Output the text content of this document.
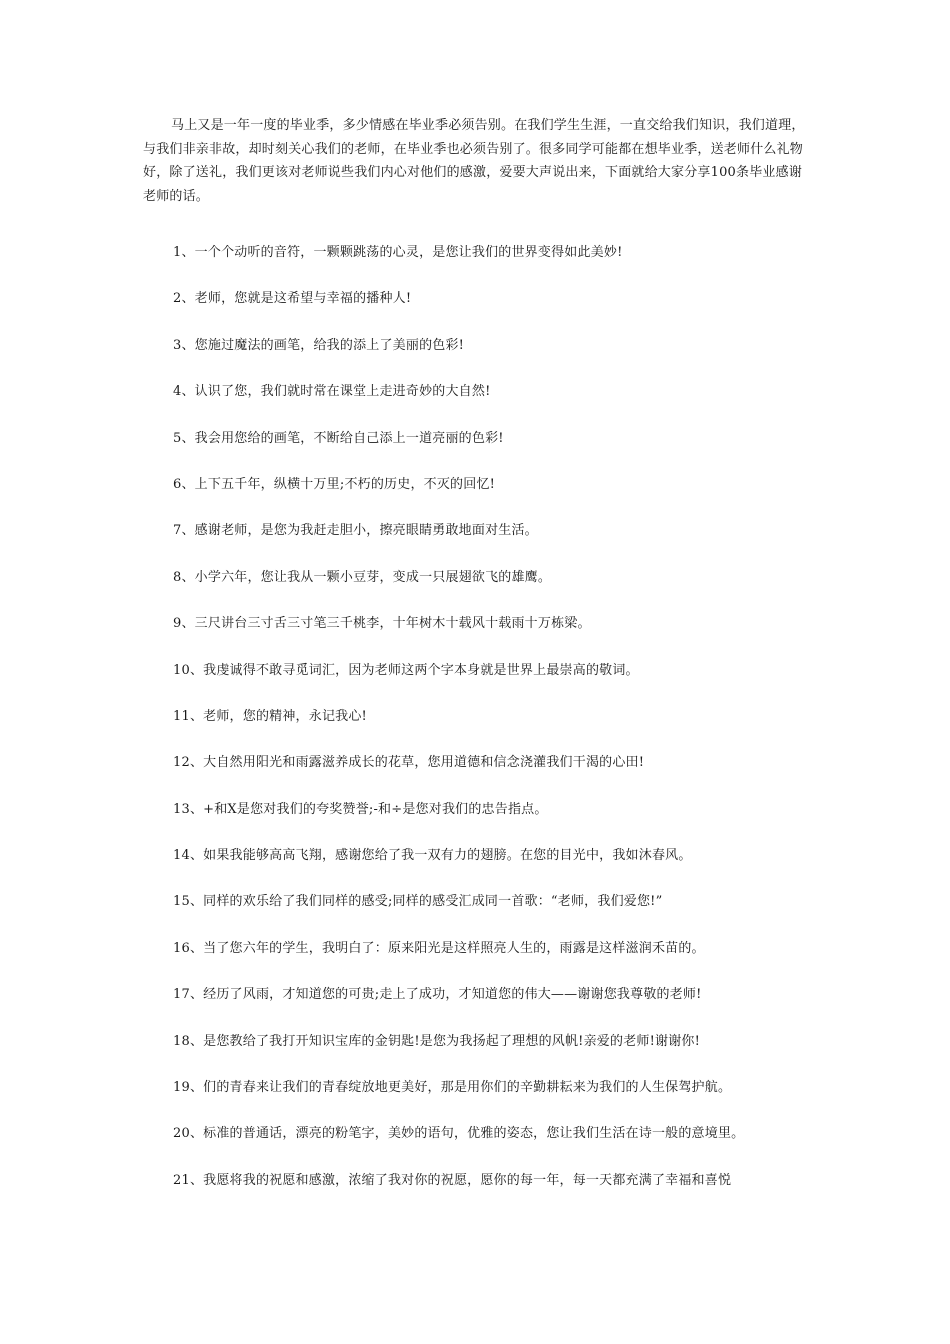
马上又是一年一度的毕业季，多少情感在毕业季必须告别。在我们学生生涯，一直交给我们知识，我们道理，与我们非亲非故，却时刻关心我们的老师，在毕业季也必须告别了。很多同学可能都在想毕业季，送老师什么礼物好，除了送礼，我们更该对老师说些我们内心对他们的感激，爱要大声说出来，下面就给大家分享100条毕业感谢老师的话。

1、一个个动听的音符，一颗颗跳荡的心灵，是您让我们的世界变得如此美妙!
2、老师，您就是这希望与幸福的播种人!
3、您施过魔法的画笔，给我的添上了美丽的色彩!
4、认识了您，我们就时常在课堂上走进奇妙的大自然!
5、我会用您给的画笔，不断给自己添上一道亮丽的色彩!
6、上下五千年，纵横十万里;不朽的历史，不灭的回忆!
7、感谢老师，是您为我赶走胆小，擦亮眼睛勇敢地面对生活。
8、小学六年，您让我从一颗小豆芽，变成一只展翅欲飞的雄鹰。
9、三尺讲台三寸舌三寸笔三千桃李，十年树木十载风十载雨十万栋梁。
10、我虔诚得不敢寻觅词汇，因为老师这两个字本身就是世界上最崇高的敬词。
11、老师，您的精神，永记我心!
12、大自然用阳光和雨露滋养成长的花草，您用道德和信念浇灌我们干渴的心田!
13、+和X是您对我们的夸奖赞誉;-和÷是您对我们的忠告指点。
14、如果我能够高高飞翔，感谢您给了我一双有力的翅膀。在您的目光中，我如沐春风。
15、同样的欢乐给了我们同样的感受;同样的感受汇成同一首歌：“老师，我们爱您!”
16、当了您六年的学生，我明白了：原来阳光是这样照亮人生的，雨露是这样滋润禾苗的。
17、经历了风雨，才知道您的可贵;走上了成功，才知道您的伟大——谢谢您我尊敬的老师!
18、是您教给了我打开知识宝库的金钥匙!是您为我扬起了理想的风帆!亲爱的老师!谢谢你!
19、们的青春来让我们的青春绽放地更美好，那是用你们的辛勤耕耘来为我们的人生保驾护航。
20、标准的普通话，漂亮的粉笔字，美妙的语句，优雅的姿态，您让我们生活在诗一般的意境里。
21、我愿将我的祝愿和感激，浓缩了我对你的祝愿，愿你的每一年，每一天都充满了幸福和喜悦
